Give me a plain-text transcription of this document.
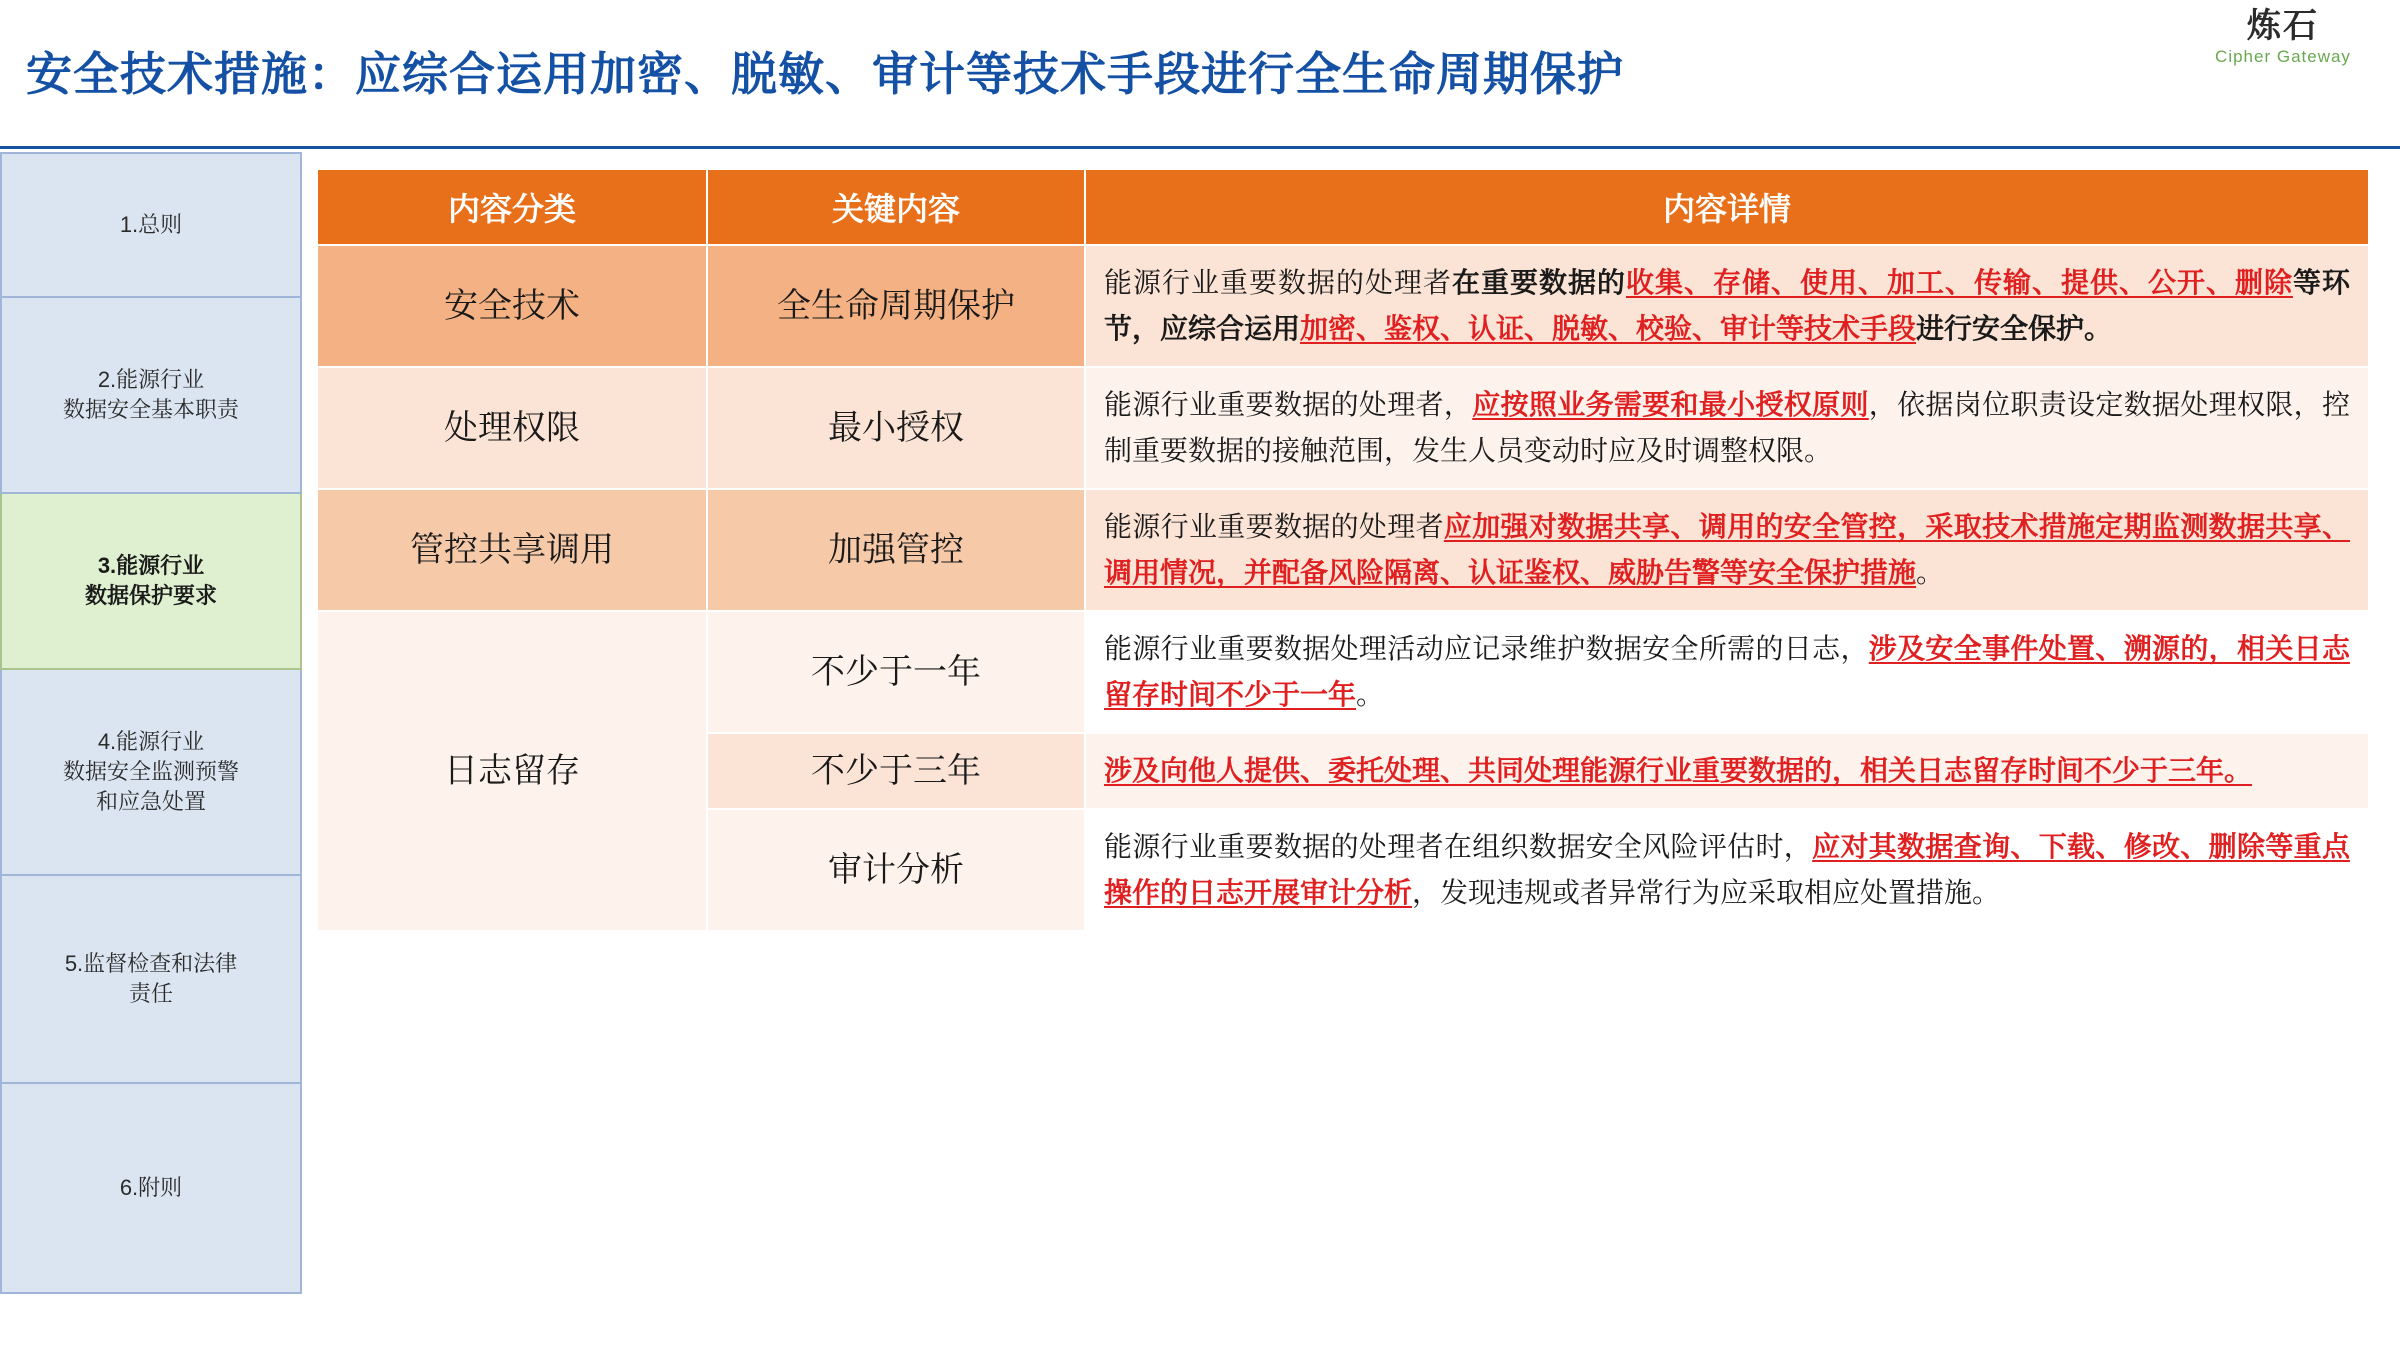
安全技术措施：应综合运用加密、脱敏、审计等技术手段进行全生命周期保护
炼石
Cipher Gateway
1.总则
2.能源行业
数据安全基本职责
3.能源行业
数据保护要求
4.能源行业
数据安全监测预警
和应急处置
5.监督检查和法律
责任
6.附则
内容分类	关键内容	内容详情
安全技术	全生命周期保护	能源行业重要数据的处理者在重要数据的收集、存储、使用、加工、传输、提供、公开、删除等环节，应综合运用加密、鉴权、认证、脱敏、校验、审计等技术手段进行安全保护。
处理权限	最小授权	能源行业重要数据的处理者，应按照业务需要和最小授权原则，依据岗位职责设定数据处理权限，控制重要数据的接触范围，发生人员变动时应及时调整权限。
管控共享调用	加强管控	能源行业重要数据的处理者应加强对数据共享、调用的安全管控，采取技术措施定期监测数据共享、调用情况，并配备风险隔离、认证鉴权、威胁告警等安全保护措施。
日志留存	不少于一年	能源行业重要数据处理活动应记录维护数据安全所需的日志，涉及安全事件处置、溯源的，相关日志留存时间不少于一年。
	不少于三年	涉及向他人提供、委托处理、共同处理能源行业重要数据的，相关日志留存时间不少于三年。
	审计分析	能源行业重要数据的处理者在组织数据安全风险评估时，应对其数据查询、下载、修改、删除等重点操作的日志开展审计分析，发现违规或者异常行为应采取相应处置措施。
